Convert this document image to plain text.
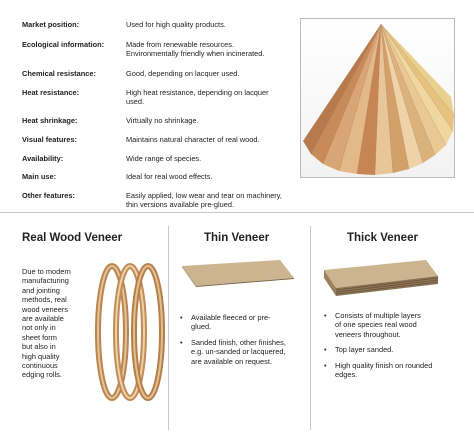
Market position:	Used for high quality products.
Ecological information:	Made from renewable resources.
Environmentally friendly when incinerated.
Chemical resistance:	Good, depending on lacquer used.
Heat resistance:	High heat resistance, depending on lacquer
used.
Heat shrinkage:	Virtually no shrinkage.
Visual features:	Maintains natural character of real wood.
Availability:	Wide range of species.
Main use:	Ideal for real wood effects.
Other features:	Easily applied, low wear and tear on machinery,
thin versions available pre-glued.
Real Wood Veneer
Due to modern
manufacturing
and jointing
methods, real
wood veneers
are available
not only in
sheet form
but also in
high quality
continuous
edging rolls.
Thin Veneer
• Available fleeced or pre-
glued.
• Sanded finish, other finishes,
e.g. un-sanded or lacquered,
are available on request.
Thick Veneer
• Consists of multiple layers
of one species real wood
veneers throughout.
• Top layer sanded.
• High quality finish on rounded
edges.
